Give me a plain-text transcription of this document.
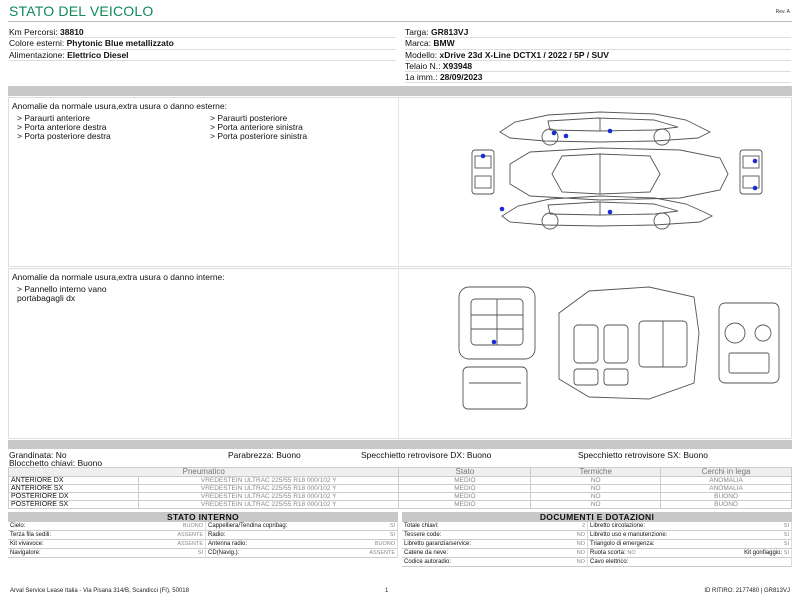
STATO DEL VEICOLO	Rev. A
Km Percorsi: 38810
Colore esterni: Phytonic Blue metallizzato
Alimentazione: Elettrico Diesel
Targa: GR813VJ
Marca: BMW
Modello: xDrive 23d X-Line DCTX1 / 2022 / 5P / SUV
Telaio N.: X93948
1a imm.: 28/09/2023
Anomalie da normale usura,extra usura o danno esterne:
> Paraurti anteriore	> Paraurti posteriore
> Porta anteriore destra	> Porta anteriore sinistra
> Porta posteriore destra	> Porta posteriore sinistra
Anomalie da normale usura,extra usura o danno interne:
> Pannello interno vano
portabagagli dx
Grandinata: No	Parabrezza: Buono	Specchietto retrovisore DX: Buono	Specchietto retrovisore SX: Buono
Blocchetto chiavi: Buono
Pneumatico		Stato	Termiche	Cerchi in lega
ANTERIORE DX	VREDESTEIN ULTRAC 225/55 R18 000/102 Y	MEDIO	NO	ANOMALIA
ANTERIORE SX	VREDESTEIN ULTRAC 225/55 R18 000/102 Y	MEDIO	NO	ANOMALIA
POSTERIORE DX	VREDESTEIN ULTRAC 225/55 R18 000/102 Y	MEDIO	NO	BUONO
POSTERIORE SX	VREDESTEIN ULTRAC 225/55 R18 000/102 Y	MEDIO	NO	BUONO
STATO INTERNO
Cielo:	BUONO Cappelliera/Tendina copribag:	SI
Terza fila sedili:	ASSENTE Radio:	SI
Kit vivavoce:	ASSENTE Antenna radio:	BUONO
Navigatore:	SI CD(Navig.):	ASSENTE
DOCUMENTI E DOTAZIONI
Totale chiavi:	2 Libretto circolazione:	SI
Tessere code:	NO Libretto uso e manutenzione:	SI
Libretto garanzia/service:	NO Triangolo di emergenza:	SI
Catene da neve:	NO Ruota scorta: NO	Kit gonfiaggio: SI
Codice autoradio:	NO Cavo elettrico:
Arval Service Lease Italia - Via Pisana 314/B, Scandicci (FI), 50018	1	ID RITIRO: 2177480 | GR813VJ
